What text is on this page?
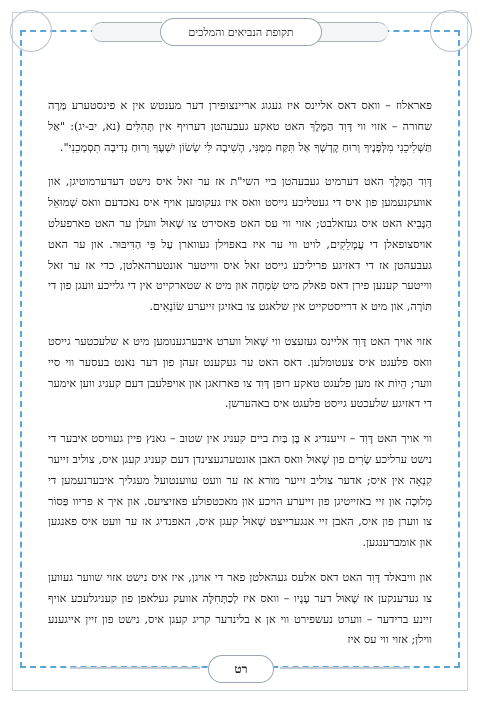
תקופת הנביאים והמלכים

פאראלוז – וואס דאס אליינס איז געגוג אריינצופירן דער מענטש אין א פינסטערע מַּרָה שחורה – אזוי ווי דָּוִד הַמֶּלֶךְ האט טאקע געבעהטן דערויף אין תְּהִלִּים (נא, יב-יג): "אַל תַּשְׁלִיכֵנִי מִלְּפָנֶיךָ וְרוּחַ קָדְשְׁךָ אַל תִּקַּח מִמֶּנִּי, הָשִׁיבָה לִּי שְׂשׂוֹן יִשְׁעֶךָ וְרוּחַ נְדִיבָה תִסְמְכֵנִי".

דָּוִד הַמֶּלֶךְ האט דערמיט געבעהטן ביי השי"ת אז ער זאל איס נישט דעדערמוטיגן, און אוועקנעמען פון איס די געטליכע גייסט וואס איז געקומען אויף איס נאכדעם וואס שְׁמוּאֵל הַנָּבִיא האט איס געזאלבט; אזוי ווי עס האט פאסירט צו שָׁאוּל וועלן ער האט פארפעלט אויסצופאלן די עֲמָלֵקִים, לויט ווי ער איז באפוילן געווארן עַל פִּי הַדִּיבּוּר. און ער האט געבעהטן אז די דאזיגע פריליכע גייסט זאל איס ווייטער אונטערהאלטן, כדי אז ער זאל ווייטער קענען פירן דאס פאלק מיט שִׂמְחָה און מיט א שטארקייט אין די גלייכע וועגן פון די תּוֹרָה, און מיט א דרייסטקייט אין שלאגט צו באזיגן זייערע שׂוֹנְאִים.

אזוי אויך האט דָּוִד אליינס געזעצט ווי שָׁאוּל ווערט איבערגענומען מיט א שלעכטער גייסט וואס פלעגט איס צעטומלען. דאס האט ער געקענט זעהן פון דער נאנט בעסער ווי סיי ווער; הֵיוֹת אז מען פלעגט טאקע רופן דָּוִד צו פארזאגן און אויפלעבן דעם קעניג ווען אימער די דאזיגע שלעכטע גייסט פלעגט איס באהערשן.

ווי אויך האט דָּוִד – זייענדיג א בֶּן בַּיִת ביים קעניג אין שטוב – גאנץ פיין געוויסט איבער די נישט ערליכע שָׂרִים פון שָׁאוּל וואס האבן אונטערגעצינדן דעם קעניג קעגן איס, צוליב זייער קִנְאָה אין איס; אדער צוליב זייער מורא אז ער וועט עווענטועל מעגליך איבערנעמען די מְלוּכָה און זיי באזייטיגן פון זייערע הויכע און מאכטפולע פאזיציעס. און איך א פריוו פַּסוֹר צו ווערן פון איס, האבן זיי אנגערייצט שָׁאוּל קעגן איס, האפנדיג אז ער וועט איס פאנגען און אומברענגען.

און וויבאלד דָּוִד האט דאס אלעס געהאלטן פאר די אויגן, איז איס נישט אזוי שווער געווען צו געדענקען אז שָׁאוּל דער עָנָיו – וואס איז לְכַתְּחִלָּה אוועק געלאפן פון קעניגלעכע אויף זיינע ברידער – ווערט נעשפירט ווי אן א בלינדער קריג קעגן איס, נישט פון זיין אייגענע ווילן; אזוי ווי עס איז

רט
